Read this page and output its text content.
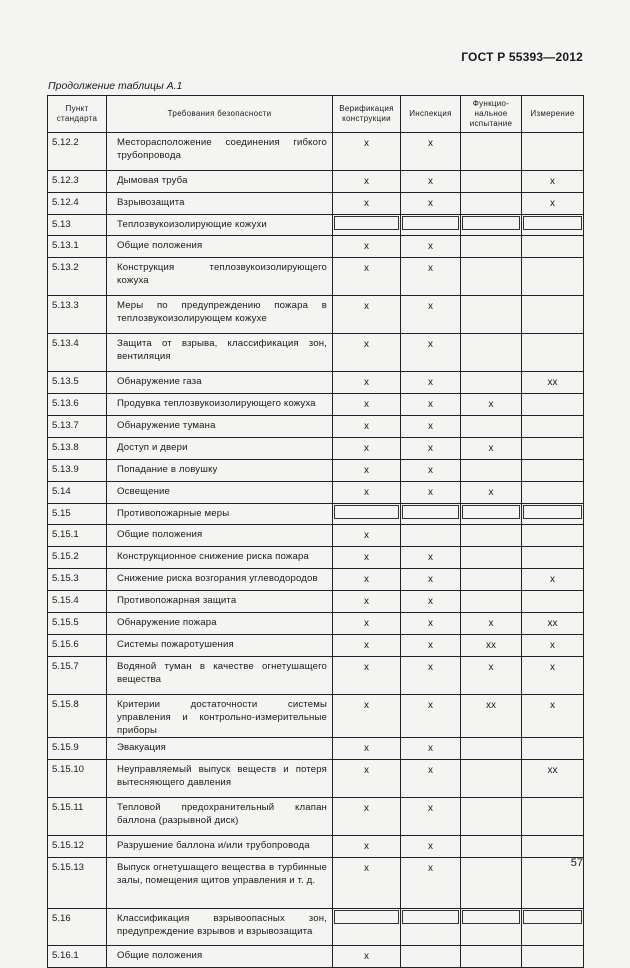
ГОСТ Р 55393—2012
Продолжение таблицы А.1
Пункт стандарта	Требования безопасности	Верификация конструкции	Инспекция	Функцио-нальное испытание	Измерение
5.12.2	Месторасположение соединения гибкого трубопровода	x	x		
5.12.3	Дымовая труба	x	x		x
5.12.4	Взрывозащита	x	x		x
5.13	Теплозвукоизолирующие кожухи	

5.13.1	Общие положения	x	x		
5.13.2	Конструкция теплозвукоизолирующего кожуха	x	x		
5.13.3	Меры по предупреждению пожара в теплозвукоизолирующем кожухе	x	x		
5.13.4	Защита от взрыва, классификация зон, вентиляция	x	x		
5.13.5	Обнаружение газа	x	x		xx
5.13.6	Продувка теплозвукоизолирующего кожуха	x	x	x	
5.13.7	Обнаружение тумана	x	x		
5.13.8	Доступ и двери	x	x	x	
5.13.9	Попадание в ловушку	x	x		
5.14	Освещение	x	x	x	
5.15	Противопожарные меры	

5.15.1	Общие положения	x			
5.15.2	Конструкционное снижение риска пожара	x	x		
5.15.3	Снижение риска возгорания углеводородов	x	x		x
5.15.4	Противопожарная защита	x	x		
5.15.5	Обнаружение пожара	x	x	x	xx
5.15.6	Системы пожаротушения	x	x	xx	x
5.15.7	Водяной туман в качестве огнетушащего вещества	x	x	x	x
5.15.8	Критерии достаточности системы управления и контрольно-измерительные приборы	x	x	xx	x
5.15.9	Эвакуация	x	x		
5.15.10	Неуправляемый выпуск веществ и потеря вытесняющего давления	x	x		xx
5.15.11	Тепловой предохранительный клапан баллона (разрывной диск)	x	x		
5.15.12	Разрушение баллона и/или трубопровода	x	x		
5.15.13	Выпуск огнетушащего вещества в турбинные залы, помещения щитов управления и т. д.	x	x		
5.16	Классификация взрывоопасных зон, предупреждение взрывов и взрывозащита	

5.16.1	Общие положения	x			
57
